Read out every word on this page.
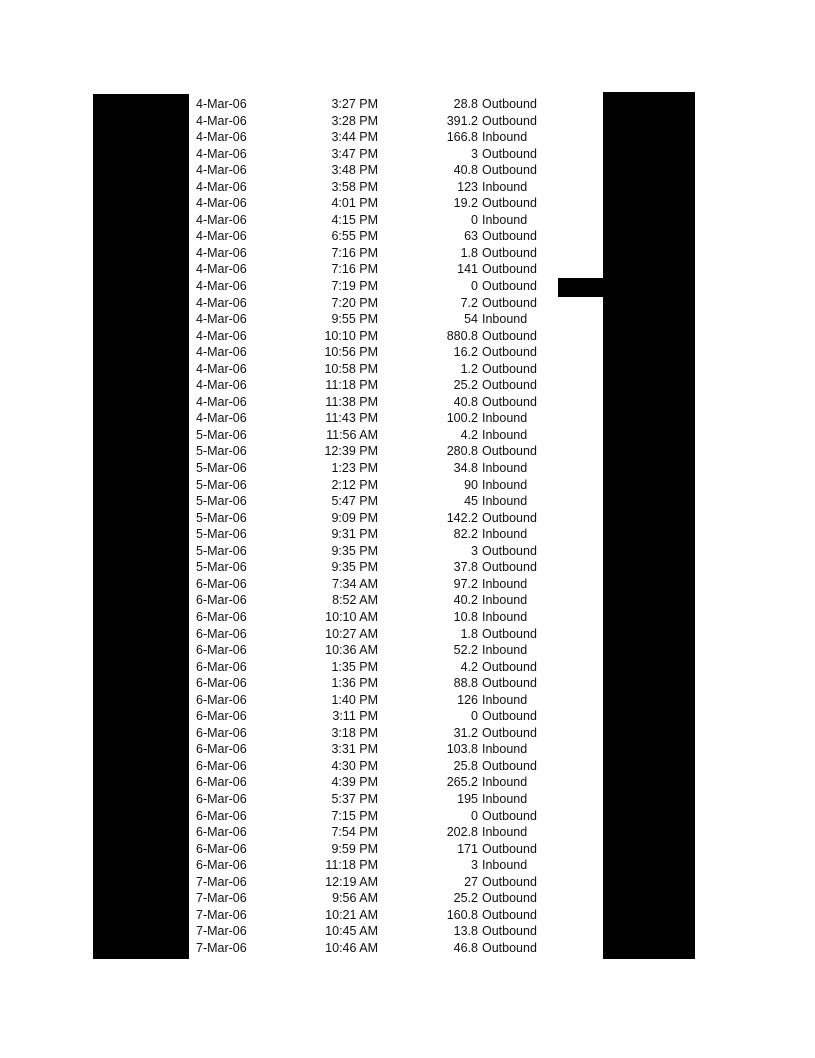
4-Mar-06	3:27 PM	28.8 Outbound
4-Mar-06	3:28 PM	391.2 Outbound
4-Mar-06	3:44 PM	166.8 Inbound
4-Mar-06	3:47 PM	3 Outbound
4-Mar-06	3:48 PM	40.8 Outbound
4-Mar-06	3:58 PM	123 Inbound
4-Mar-06	4:01 PM	19.2 Outbound
4-Mar-06	4:15 PM	0 Inbound
4-Mar-06	6:55 PM	63 Outbound
4-Mar-06	7:16 PM	1.8 Outbound
4-Mar-06	7:16 PM	141 Outbound
4-Mar-06	7:19 PM	0 Outbound
4-Mar-06	7:20 PM	7.2 Outbound
4-Mar-06	9:55 PM	54 Inbound
4-Mar-06	10:10 PM	880.8 Outbound
4-Mar-06	10:56 PM	16.2 Outbound
4-Mar-06	10:58 PM	1.2 Outbound
4-Mar-06	11:18 PM	25.2 Outbound
4-Mar-06	11:38 PM	40.8 Outbound
4-Mar-06	11:43 PM	100.2 Inbound
5-Mar-06	11:56 AM	4.2 Inbound
5-Mar-06	12:39 PM	280.8 Outbound
5-Mar-06	1:23 PM	34.8 Inbound
5-Mar-06	2:12 PM	90 Inbound
5-Mar-06	5:47 PM	45 Inbound
5-Mar-06	9:09 PM	142.2 Outbound
5-Mar-06	9:31 PM	82.2 Inbound
5-Mar-06	9:35 PM	3 Outbound
5-Mar-06	9:35 PM	37.8 Outbound
6-Mar-06	7:34 AM	97.2 Inbound
6-Mar-06	8:52 AM	40.2 Inbound
6-Mar-06	10:10 AM	10.8 Inbound
6-Mar-06	10:27 AM	1.8 Outbound
6-Mar-06	10:36 AM	52.2 Inbound
6-Mar-06	1:35 PM	4.2 Outbound
6-Mar-06	1:36 PM	88.8 Outbound
6-Mar-06	1:40 PM	126 Inbound
6-Mar-06	3:11 PM	0 Outbound
6-Mar-06	3:18 PM	31.2 Outbound
6-Mar-06	3:31 PM	103.8 Inbound
6-Mar-06	4:30 PM	25.8 Outbound
6-Mar-06	4:39 PM	265.2 Inbound
6-Mar-06	5:37 PM	195 Inbound
6-Mar-06	7:15 PM	0 Outbound
6-Mar-06	7:54 PM	202.8 Inbound
6-Mar-06	9:59 PM	171 Outbound
6-Mar-06	11:18 PM	3 Inbound
7-Mar-06	12:19 AM	27 Outbound
7-Mar-06	9:56 AM	25.2 Outbound
7-Mar-06	10:21 AM	160.8 Outbound
7-Mar-06	10:45 AM	13.8 Outbound
7-Mar-06	10:46 AM	46.8 Outbound
